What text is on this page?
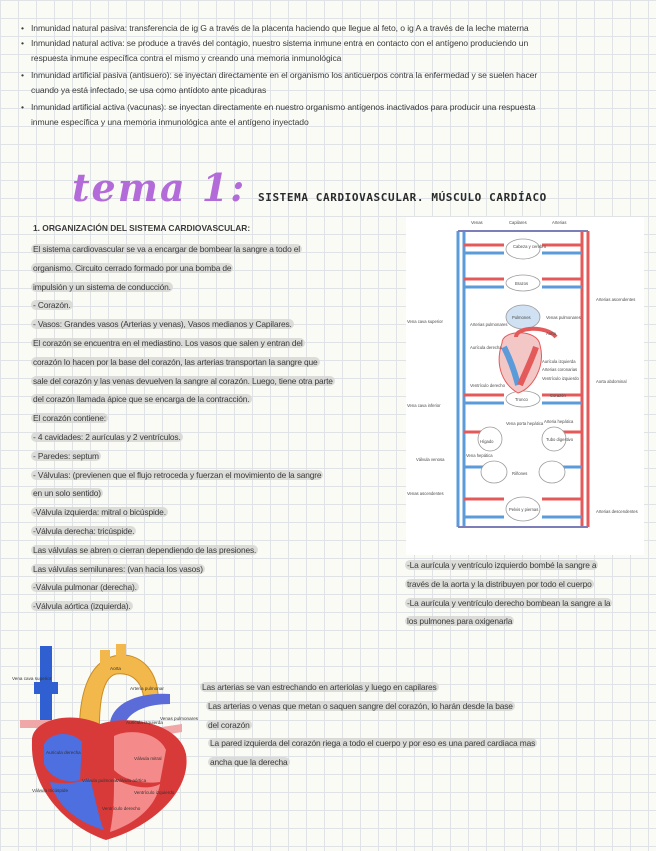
• Inmunidad natural pasiva: transferencia de ig G a través de la placenta haciendo que llegue al feto, o ig A a través de la leche materna
• Inmunidad natural activa: se produce a través del contagio, nuestro sistema inmune entra en contacto con el antígeno produciendo un
respuesta inmune específica contra el mismo y creando una memoria inmunológica
• Inmunidad artificial pasiva (antisuero): se inyectan directamente en el organismo los anticuerpos contra la enfermedad y se suelen hacer
cuando ya está infectado, se usa como antídoto ante picaduras
• Inmunidad artificial activa (vacunas): se inyectan directamente en nuestro organismo antígenos inactivados para producir una respuesta
inmune específica y una memoria inmunológica ante el antígeno inyectado
tema 1: SISTEMA CARDIOVASCULAR. MÚSCULO CARDÍACO
1. ORGANIZACIÓN DEL SISTEMA CARDIOVASCULAR:
El sistema cardiovascular se va a encargar de bombear la sangre a todo el
organismo. Circuito cerrado formado por una bomba de
impulsión y un sistema de conducción.
- Corazón.
- Vasos: Grandes vasos (Arterias y venas), Vasos medianos y Capilares.
El corazón se encuentra en el mediastino. Los vasos que salen y entran del
corazón lo hacen por la base del corazón, las arterias transportan la sangre que
sale del corazón y las venas devuelven la sangre al corazón. Luego, tiene otra parte
del corazón llamada ápice que se encarga de la contracción.
El corazón contiene:
- 4 cavidades: 2 aurículas y 2 ventrículos.
- Paredes: septum
- Válvulas: (previenen que el flujo retroceda y fuerzan el movimiento de la sangre
en un solo sentido)
-Válvula izquierda: mitral o bicúspide.
-Válvula derecha: tricúspide.
Las válvulas se abren o cierran dependiendo de las presiones.
Las válvulas semilunares: (van hacia los vasos)
-Válvula pulmonar (derecha).
-Válvula aórtica (izquierda).
Venas	Capilares	Arterias
Cabeza y cerebro
Brazos
Pulmones
Aorta
Corazón
Tronco
Vena porta hepática
Riñones
Pelvis y piernas
Vena cava superior
Arterias pulmonares
Aurícula derecha
Ventrículo derecho
Vena cava inferior
Vena hepática
Hígado
Venas ascendentes
Válvula venosa
Arterias ascendentes
Venas pulmonares
Aurícula izquierda
Arterias coronarias
Ventrículo izquierdo
Aorta abdominal
Arteria hepática
Tubo digestivo
Arterias descendentes
-La aurícula y ventrículo izquierdo bombé la sangre a
través de la aorta y la distribuyen por todo el cuerpo
-La aurícula y ventrículo derecho bombean la sangre a la
los pulmones para oxigenarla
Aorta
Arteria pulmonar
Vena cava superior
Venas pulmonares
Aurícula izquierda
Válvula mitral
Aurícula derecha
Válvula tricúspide
Válvula pulmonar
Válvula aórtica
Ventrículo izquierdo
Ventrículo derecho
Las arterias se van estrechando en arteriolas y luego en capilares
Las arterias o venas que metan o saquen sangre del corazón, lo harán desde la base
del corazón
La pared izquierda del corazón riega a todo el cuerpo y por eso es una pared cardiaca mas
ancha que la derecha
